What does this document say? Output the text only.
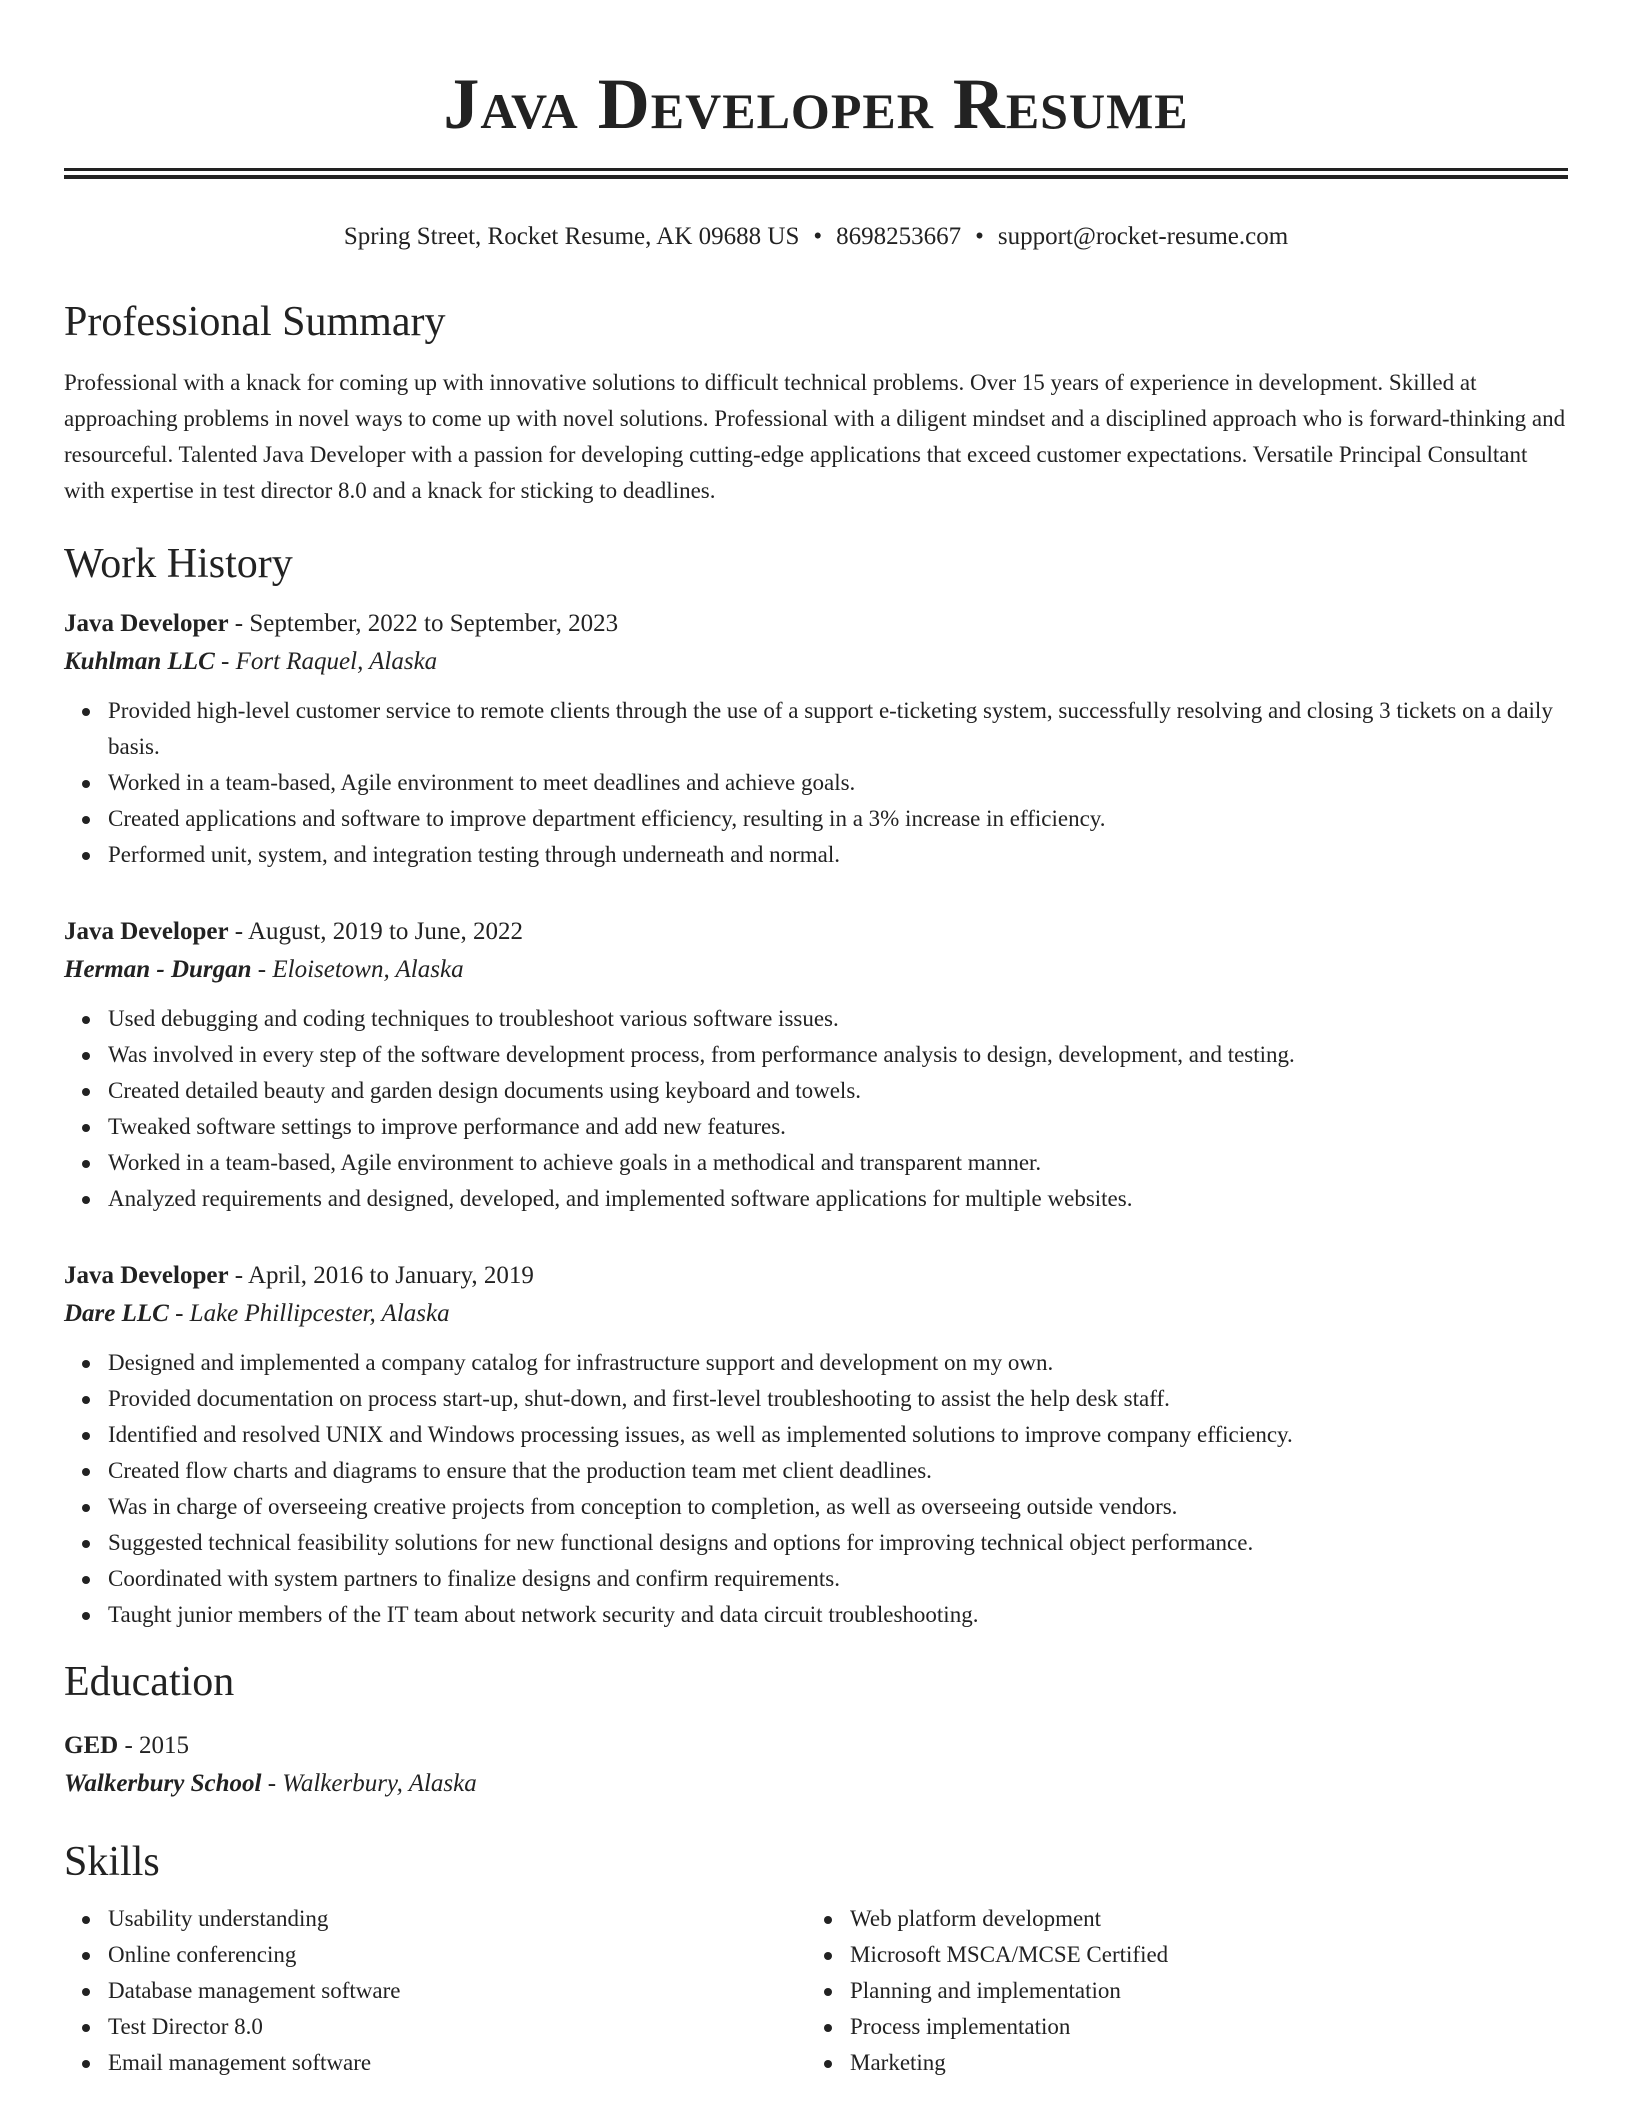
Java Developer Resume
Spring Street, Rocket Resume, AK 09688 US • 8698253667 • support@rocket-resume.com
Professional Summary

Professional with a knack for coming up with innovative solutions to difficult technical problems. Over 15 years of experience in development. Skilled at approaching problems in novel ways to come up with novel solutions. Professional with a diligent mindset and a disciplined approach who is forward-thinking and resourceful. Talented Java Developer with a passion for developing cutting-edge applications that exceed customer expectations. Versatile Principal Consultant with expertise in test director 8.0 and a knack for sticking to deadlines.

Work History
Java Developer - September, 2022 to September, 2023
Kuhlman LLC - Fort Raquel, Alaska
Provided high-level customer service to remote clients through the use of a support e-ticketing system, successfully resolving and closing 3 tickets on a daily basis.
Worked in a team-based, Agile environment to meet deadlines and achieve goals.
Created applications and software to improve department efficiency, resulting in a 3% increase in efficiency.
Performed unit, system, and integration testing through underneath and normal.
Java Developer - August, 2019 to June, 2022
Herman - Durgan - Eloisetown, Alaska
Used debugging and coding techniques to troubleshoot various software issues.
Was involved in every step of the software development process, from performance analysis to design, development, and testing.
Created detailed beauty and garden design documents using keyboard and towels.
Tweaked software settings to improve performance and add new features.
Worked in a team-based, Agile environment to achieve goals in a methodical and transparent manner.
Analyzed requirements and designed, developed, and implemented software applications for multiple websites.
Java Developer - April, 2016 to January, 2019
Dare LLC - Lake Phillipcester, Alaska
Designed and implemented a company catalog for infrastructure support and development on my own.
Provided documentation on process start-up, shut-down, and first-level troubleshooting to assist the help desk staff.
Identified and resolved UNIX and Windows processing issues, as well as implemented solutions to improve company efficiency.
Created flow charts and diagrams to ensure that the production team met client deadlines.
Was in charge of overseeing creative projects from conception to completion, as well as overseeing outside vendors.
Suggested technical feasibility solutions for new functional designs and options for improving technical object performance.
Coordinated with system partners to finalize designs and confirm requirements.
Taught junior members of the IT team about network security and data circuit troubleshooting.
Education
GED - 2015
Walkerbury School - Walkerbury, Alaska
Skills
Usability understanding
Online conferencing
Database management software
Test Director 8.0
Email management software
Web platform development
Microsoft MSCA/MCSE Certified
Planning and implementation
Process implementation
Marketing
